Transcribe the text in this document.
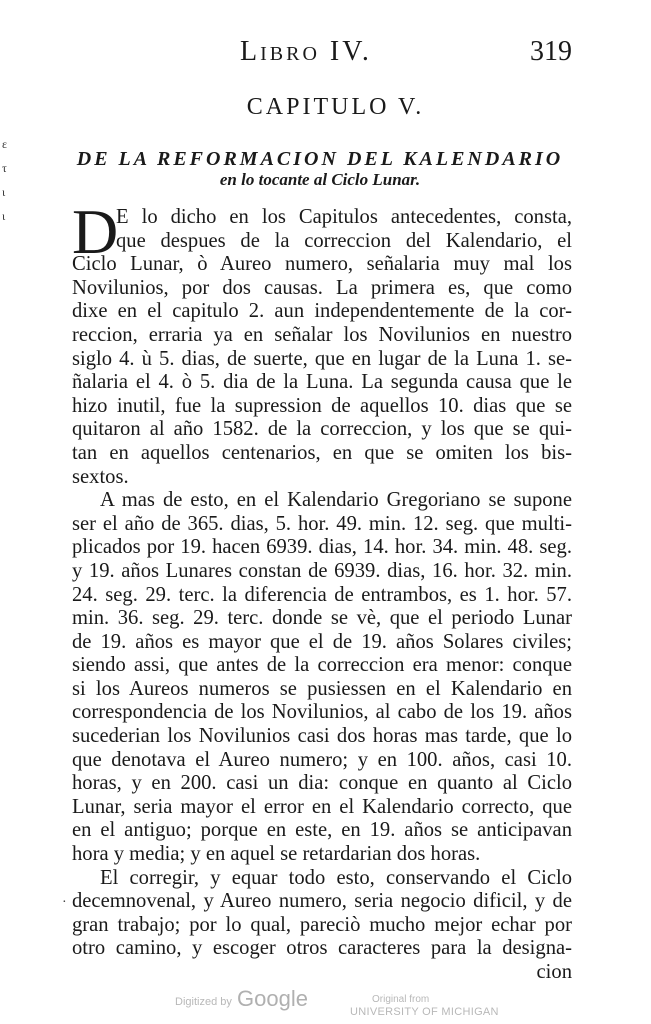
Libro IV.	319
ε
τ
ι
ι
CAPITULO V.
DE LA REFORMACION DEL KALENDARIO
en lo tocante al Ciclo Lunar.
D
E lo dicho en los Capitulos antecedentes, consta,
que despues de la correccion del Kalendario, el
Ciclo Lunar, ò Aureo numero, señalaria muy mal los
Novilunios, por dos causas. La primera es, que como
dixe en el capitulo 2. aun independentemente de la cor-
reccion, erraria ya en señalar los Novilunios en nuestro
siglo 4. ù 5. dias, de suerte, que en lugar de la Luna 1. se-
ñalaria el 4. ò 5. dia de la Luna. La segunda causa que le
hizo inutil, fue la supression de aquellos 10. dias que se
quitaron al año 1582. de la correccion, y los que se qui-
tan en aquellos centenarios, en que se omiten los bis-
sextos.
A mas de esto, en el Kalendario Gregoriano se supone
ser el año de 365. dias, 5. hor. 49. min. 12. seg. que multi-
plicados por 19. hacen 6939. dias, 14. hor. 34. min. 48. seg.
y 19. años Lunares constan de 6939. dias, 16. hor. 32. min.
24. seg. 29. terc. la diferencia de entrambos, es 1. hor. 57.
min. 36. seg. 29. terc. donde se vè, que el periodo Lunar
de 19. años es mayor que el de 19. años Solares civiles;
siendo assi, que antes de la correccion era menor: conque
si los Aureos numeros se pusiessen en el Kalendario en
correspondencia de los Novilunios, al cabo de los 19. años
sucederian los Novilunios casi dos horas mas tarde, que lo
que denotava el Aureo numero; y en 100. años, casi 10.
horas, y en 200. casi un dia: conque en quanto al Ciclo
Lunar, seria mayor el error en el Kalendario correcto, que
en el antiguo; porque en este, en 19. años se anticipavan
hora y media; y en aquel se retardarian dos horas.
El corregir, y equar todo esto, conservando el Ciclo
decemnovenal, y Aureo numero, seria negocio dificil, y de
gran trabajo; por lo qual, pareciò mucho mejor echar por
otro camino, y escoger otros caracteres para la designa-
cion
·
Digitized by Google	Original from
UNIVERSITY OF MICHIGAN
